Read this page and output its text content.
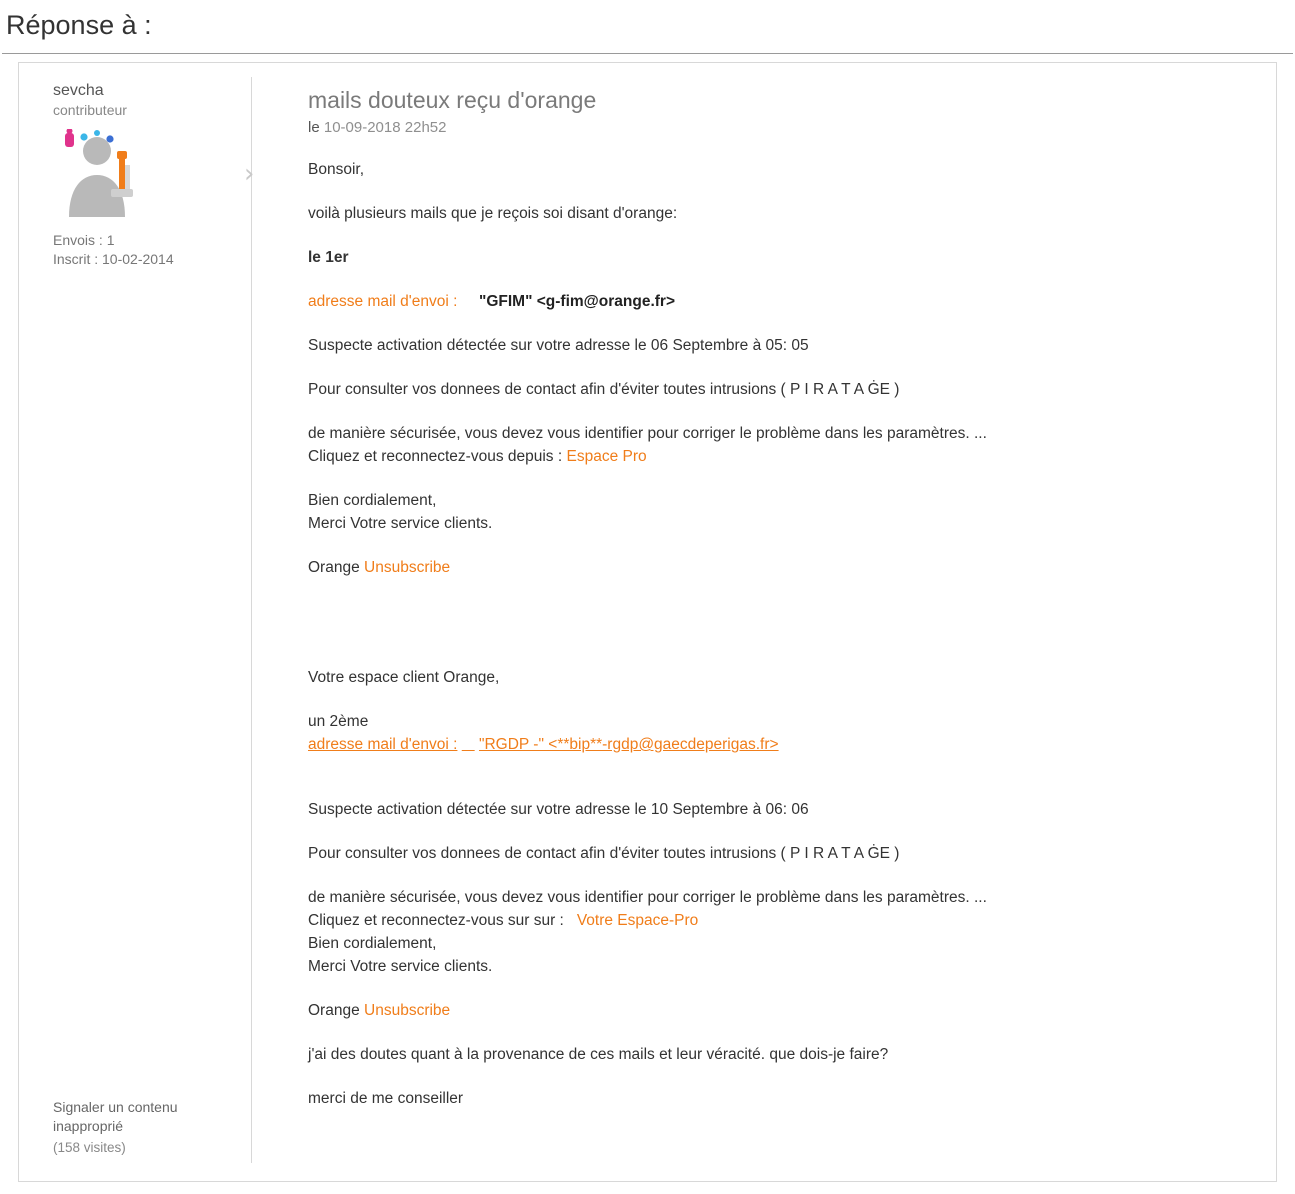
Réponse à :
sevcha
contributeur
Envois : 1
Inscrit : 10-02-2014
Signaler un contenu inapproprié
(158 visites)
›
mails douteux reçu d'orange
le 10-09-2018 22h52
Bonsoir,
voilà plusieurs mails que je reçois soi disant d'orange:
le 1er
adresse mail d'envoi : "GFIM" <g-fim@orange.fr>
Suspecte activation détectée sur votre adresse le 06 Septembre à 05: 05
Pour consulter vos donnees de contact afin d'éviter toutes intrusions ( P I R A T A ĠE )
de manière sécurisée, vous devez vous identifier pour corriger le problème dans les paramètres. ...
Cliquez et reconnectez-vous depuis : Espace Pro
Bien cordialement,
Merci Votre service clients.
Orange Unsubscribe
Votre espace client Orange,
un 2ème
adresse mail d'envoi : "RGDP -" <**bip**-rgdp@gaecdeperigas.fr>
Suspecte activation détectée sur votre adresse le 10 Septembre à 06: 06
Pour consulter vos donnees de contact afin d'éviter toutes intrusions ( P I R A T A ĠE )
de manière sécurisée, vous devez vous identifier pour corriger le problème dans les paramètres. ...
Cliquez et reconnectez-vous sur sur : Votre Espace-Pro
Bien cordialement,
Merci Votre service clients.
Orange Unsubscribe
j'ai des doutes quant à la provenance de ces mails et leur véracité. que dois-je faire?
merci de me conseiller
